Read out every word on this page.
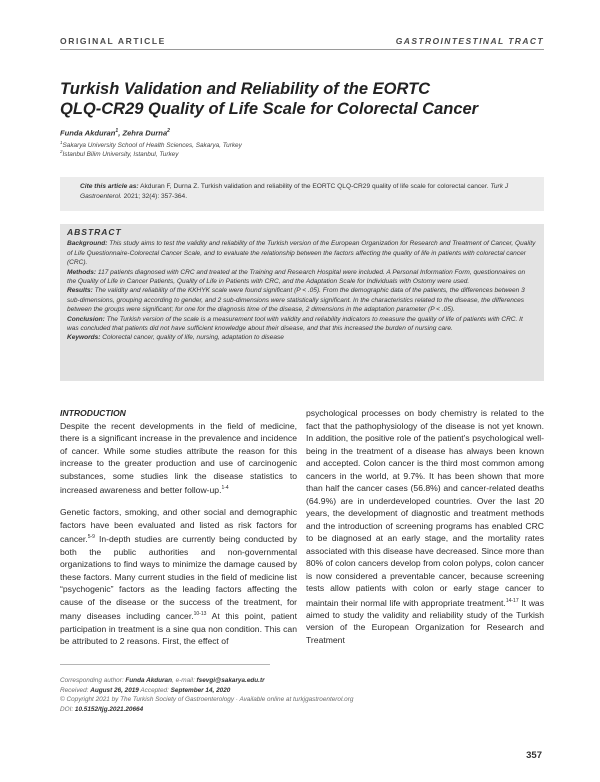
ORIGINAL ARTICLE	GASTROINTESTINAL TRACT
Turkish Validation and Reliability of the EORTC
QLQ-CR29 Quality of Life Scale for Colorectal Cancer
Funda Akduran$^1$, Zehra Durna$^2$
$^1$Sakarya University School of Health Sciences, Sakarya, Turkey
$^2$Istanbul Bilim University, Istanbul, Turkey
Cite this article as: Akduran F, Durna Z. Turkish validation and reliability of the EORTC QLQ-CR29 quality of life scale for colorectal cancer. Turk J Gastroenterol. 2021; 32(4): 357-364.
ABSTRACT
Background: This study aims to test the validity and reliability of the Turkish version of the European Organization for Research and Treatment of Cancer, Quality of Life Questionnaire-Colorectal Cancer Scale, and to evaluate the relationship between the factors affecting the quality of life in patients with colorectal cancer (CRC).
Methods: 117 patients diagnosed with CRC and treated at the Training and Research Hospital were included. A Personal Information Form, questionnaires on the Quality of Life in Cancer Patients, Quality of Life in Patients with CRC, and the Adaptation Scale for Individuals with Ostomy were used.
Results: The validity and reliability of the KKHYK scale were found significant (P < .05). From the demographic data of the patients, the differences between 3 sub-dimensions, grouping according to gender, and 2 sub-dimensions were statistically significant. In the characteristics related to the disease, the differences between the groups were significant; for one for the diagnosis time of the disease, 2 dimensions in the adaptation parameter (P < .05).
Conclusion: The Turkish version of the scale is a measurement tool with validity and reliability indicators to measure the quality of life of patients with CRC. It was concluded that patients did not have sufficient knowledge about their disease, and that this increased the burden of nursing care.
Keywords: Colorectal cancer, quality of life, nursing, adaptation to disease
INTRODUCTION

Despite the recent developments in the field of medicine, there is a significant increase in the prevalence and incidence of cancer. While some studies attribute the reason for this increase to the greater production and use of carcinogenic substances, some studies link the disease statistics to increased awareness and better follow-up.$^{1-4}$

Genetic factors, smoking, and other social and demographic factors have been evaluated and listed as risk factors for cancer.$^{5-9}$ In-depth studies are currently being conducted by both the public authorities and non-governmental organizations to find ways to minimize the damage caused by these factors. Many current studies in the field of medicine list “psychogenic” factors as the leading factors affecting the cause of the disease or the success of the treatment, for many diseases including cancer.$^{10-13}$ At this point, patient participation in treatment is a sine qua non condition. This can be attributed to 2 reasons. First, the effect of

psychological processes on body chemistry is related to the fact that the pathophysiology of the disease is not yet known. In addition, the positive role of the patient’s psychological well-being in the treatment of a disease has always been known and accepted. Colon cancer is the third most common among cancers in the world, at 9.7%. It has been shown that more than half the cancer cases (56.8%) and cancer-related deaths (64.9%) are in underdeveloped countries. Over the last 20 years, the development of diagnostic and treatment methods and the introduction of screening programs has enabled CRC to be diagnosed at an early stage, and the mortality rates associated with this disease have decreased. Since more than 80% of colon cancers develop from colon polyps, colon cancer is now considered a preventable cancer, because screening tests allow patients with colon or early stage cancer to maintain their normal life with appropriate treatment.$^{14-17}$ It was aimed to study the validity and reliability study of the Turkish version of the European Organization for Research and Treatment

Corresponding author: Funda Akduran, e-mail: fsevgi@sakarya.edu.tr
Received: August 26, 2019 Accepted: September 14, 2020
© Copyright 2021 by The Turkish Society of Gastroenterology · Available online at turkjgastroenterol.org
DOI: 10.5152/tjg.2021.20664
357
